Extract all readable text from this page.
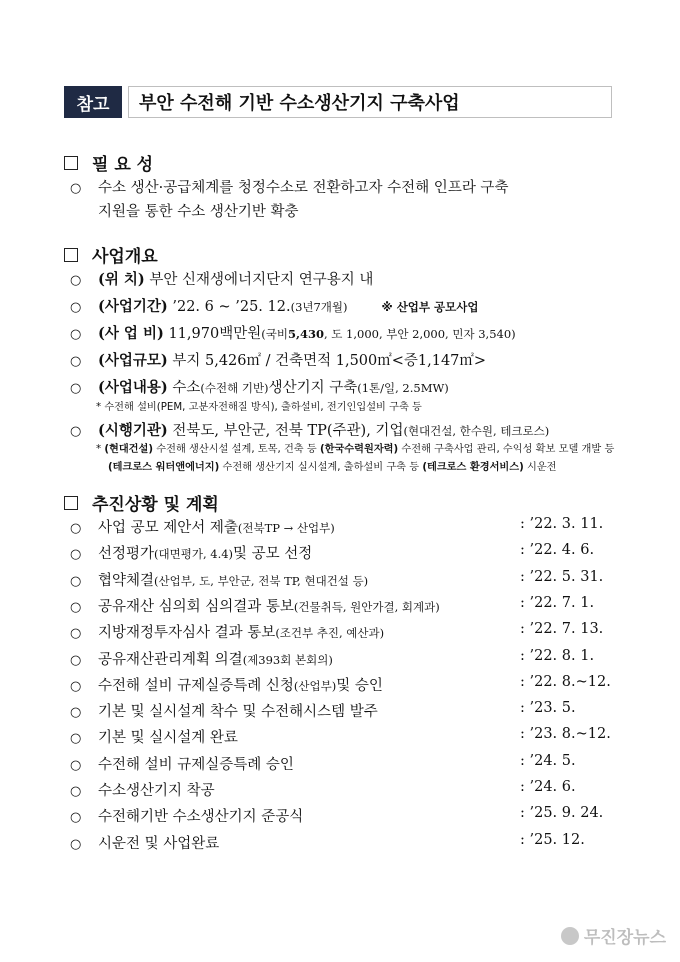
참고	부안 수전해 기반 수소생산기지 구축사업
필 요 성
○	수소 생산·공급체계를 청정수소로 전환하고자 수전해 인프라 구축
지원을 통한 수소 생산기반 확충
사업개요
○	(위 치)
부안 신재생에너지단지 연구용지 내
○	(사업기간)
’22. 6 ~ ’25. 12. (3년7개월)	※ 산업부 공모사업
○	(사 업 비)
11,970백만원 (국비 5,430 , 도 1,000, 부안 2,000, 민자 3,540)
○	(사업규모)
부지 5,426㎡ / 건축면적 1,500㎡<증1,147㎡>
○	(사업내용)
수소 (수전해 기반) 생산기지 구축 (1톤/일, 2.5MW)
* 수전해 설비(PEM, 고분자전해질 방식), 출하설비, 전기인입설비 구축 등
○	(시행기관)
전북도, 부안군, 전북 TP(주관), 기업 (현대건설, 한수원, 테크로스)
* (현대건설) 수전해 생산시설 설계, 토목, 건축 등 (한국수력원자력) 수전해 구축사업 관리, 수익성 확보 모델 개발 등
(테크로스 워터앤에너지) 수전해 생산기지 실시설계, 출하설비 구축 등 (테크로스 환경서비스) 시운전
추진상황 및 계획
○	사업 공모 제안서 제출 (전북TP → 산업부)	: ’22. 3. 11.
○	선정평가 (대면평가, 4.4) 및 공모 선정	: ’22. 4. 6.
○	협약체결 (산업부, 도, 부안군, 전북 TP, 현대건설 등)	: ’22. 5. 31.
○	공유재산 심의회 심의결과 통보 (건물취득, 원안가결, 회계과)	: ’22. 7. 1.
○	지방재정투자심사 결과 통보 (조건부 추진, 예산과)	: ’22. 7. 13.
○	공유재산관리계획 의결 (제393회 본회의)	: ’22. 8. 1.
○	수전해 설비 규제실증특례 신청 (산업부) 및 승인	: ’22. 8.~12.
○	기본 및 실시설계 착수 및 수전해시스템 발주	: ’23. 5.
○	기본 및 실시설계 완료	: ’23. 8.~12.
○	수전해 설비 규제실증특례 승인	: ’24. 5.
○	수소생산기지 착공	: ’24. 6.
○	수전해기반 수소생산기지 준공식	: ’25. 9. 24.
○	시운전 및 사업완료	: ’25. 12.
무진장뉴스
